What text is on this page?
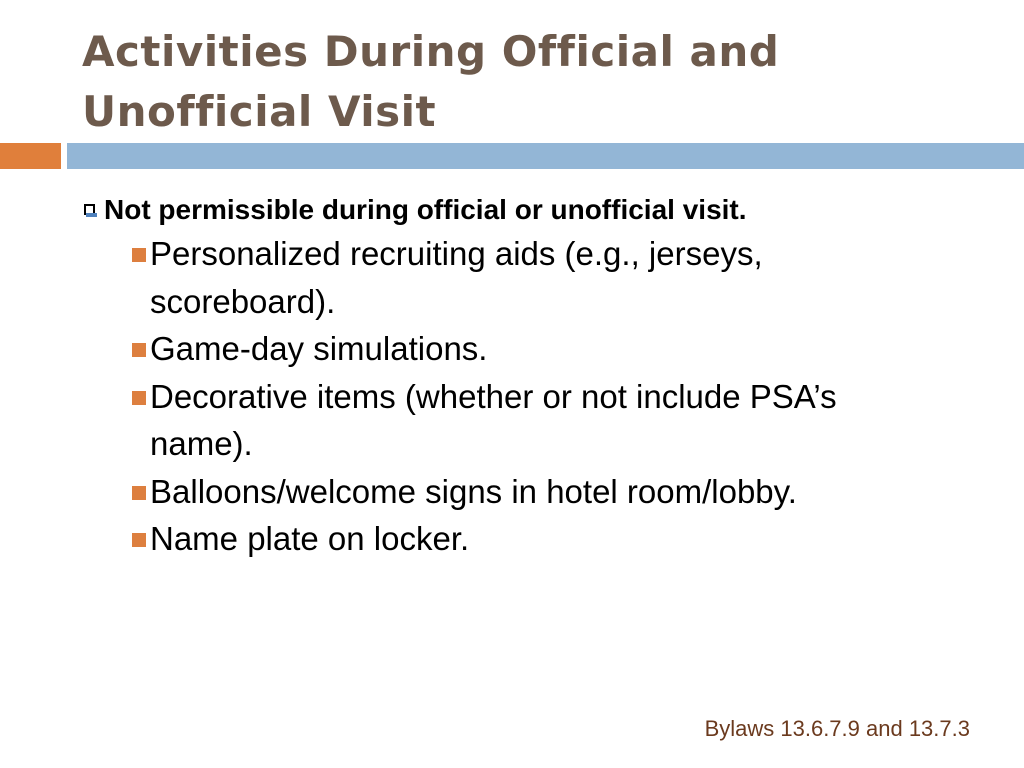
Activities During Official and
Unofficial Visit
Not permissible during official or unofficial visit.
Personalized recruiting aids (e.g., jerseys, scoreboard).
Game-day simulations.
Decorative items (whether or not include PSA’s name).
Balloons/welcome signs in hotel room/lobby.
Name plate on locker.
Bylaws 13.6.7.9 and 13.7.3
